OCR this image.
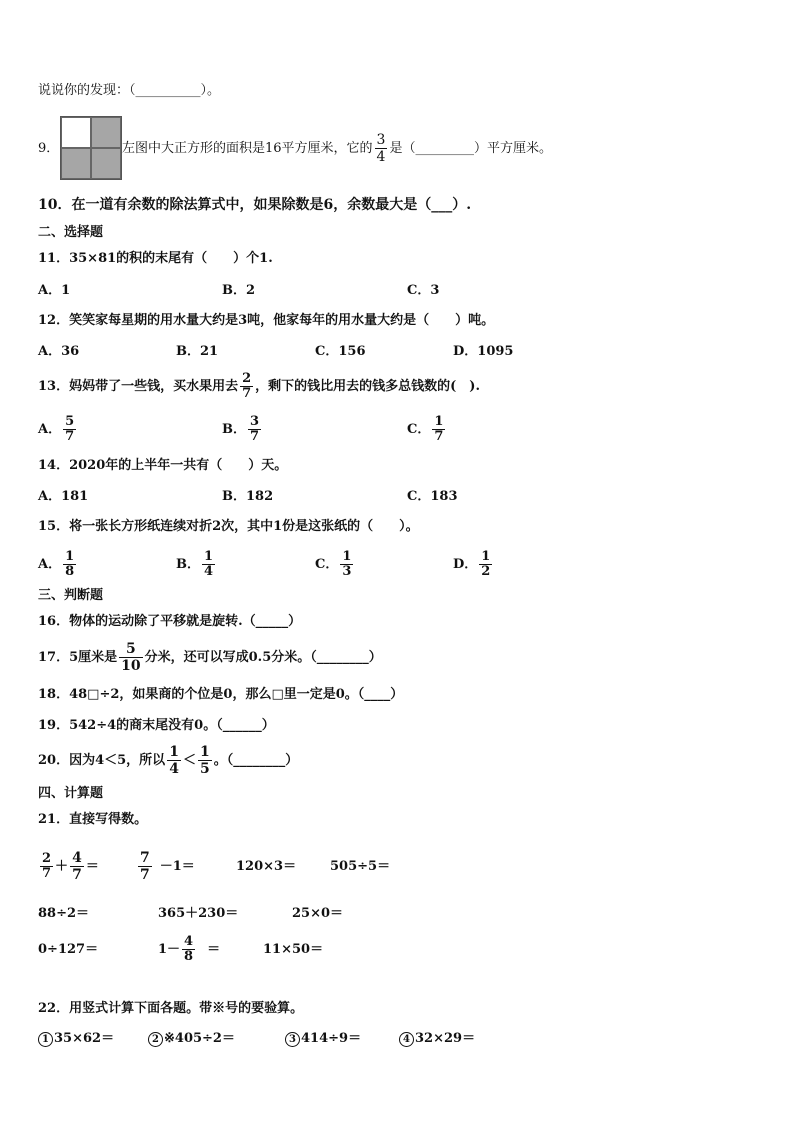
说说你的发现：（__________）。
9．	左图中大正方形的面积是16平方厘米，它的 $\frac{3}{4}$ 是（_________）平方厘米。
10．在一道有余数的除法算式中，如果除数是6，余数最大是（___）.
二、选择题
11．35×81的积的末尾有（　　）个1.
A．1	B．2	C．3
12．笑笑家每星期的用水量大约是3吨，他家每年的用水量大约是（　　）吨。
A．36	B．21	C．156	D．1095
13．妈妈带了一些钱，买水果用去 $\frac{2}{7}$ ，剩下的钱比用去的钱多总钱数的(　).
A． $\frac{5}{7}$	B． $\frac{3}{7}$	C． $\frac{1}{7}$
14．2020年的上半年一共有（　　）天。
A．181	B．182	C．183
15．将一张长方形纸连续对折2次，其中1份是这张纸的（　　）。
A． $\frac{1}{8}$	B． $\frac{1}{4}$	C． $\frac{1}{3}$	D． $\frac{1}{2}$
三、判断题
16．物体的运动除了平移就是旋转.（_____）
17．5厘米是 $\frac{5}{10}$ 分米，还可以写成0.5分米。（________）
18．48□÷2，如果商的个位是0，那么□里一定是0。（____）
19．542÷4的商末尾没有0。（______）
20．因为4＜5，所以 $\frac{1}{4} < \frac{1}{5}$ 。（________）
四、计算题
21．直接写得数。
$\frac{2}{7} + \frac{4}{7}$ ＝	$\frac{7}{7} -1=$	120×3＝	505÷5＝
88÷2＝	365＋230＝	25×0＝
0÷127＝	$1- \frac{4}{8}$ ＝	11×50＝
22．用竖式计算下面各题。带※号的要验算。
1 35×62＝	2 ※405÷2＝	3 414÷9＝	4 32×29＝
